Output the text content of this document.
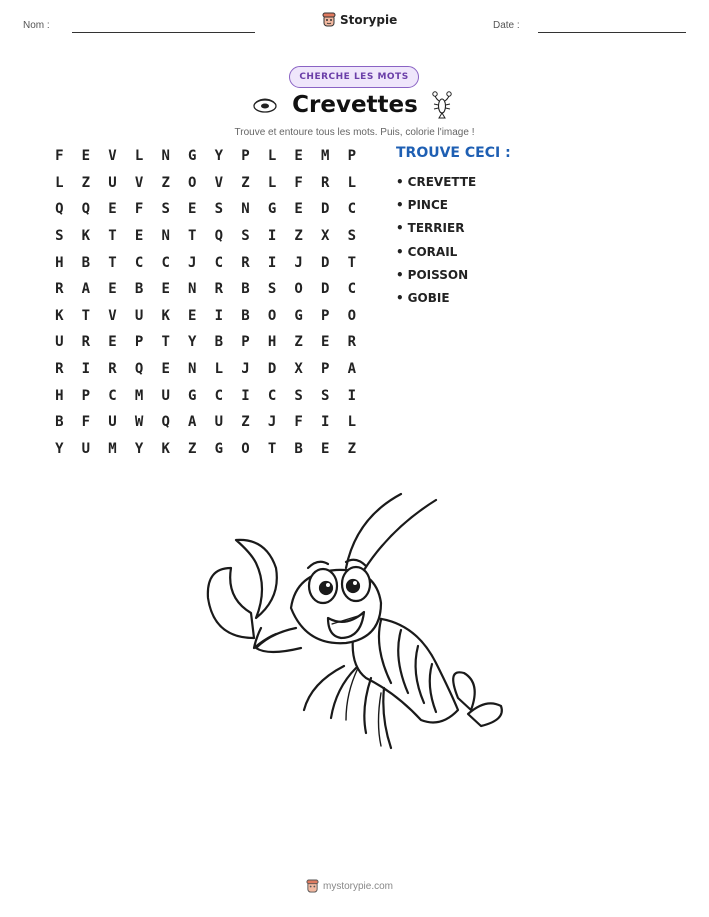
Nom :	Storypie	Date :
CHERCHE LES MOTS
Crevettes
Trouve et entoure tous les mots. Puis, colorie l'image !
F	E	V	L	N	G	Y	P	L	E	M	P
L	Z	U	V	Z	O	V	Z	L	F	R	L
Q	Q	E	F	S	E	S	N	G	E	D	C
S	K	T	E	N	T	Q	S	I	Z	X	S
H	B	T	C	C	J	C	R	I	J	D	T
R	A	E	B	E	N	R	B	S	O	D	C
K	T	V	U	K	E	I	B	O	G	P	O
U	R	E	P	T	Y	B	P	H	Z	E	R
R	I	R	Q	E	N	L	J	D	X	P	A
H	P	C	M	U	G	C	I	C	S	S	I
B	F	U	W	Q	A	U	Z	J	F	I	L
Y	U	M	Y	K	Z	G	O	T	B	E	Z
TROUVE CECI :
• CREVETTE
• PINCE
• TERRIER
• CORAIL
• POISSON
• GOBIE
mystorypie.com
